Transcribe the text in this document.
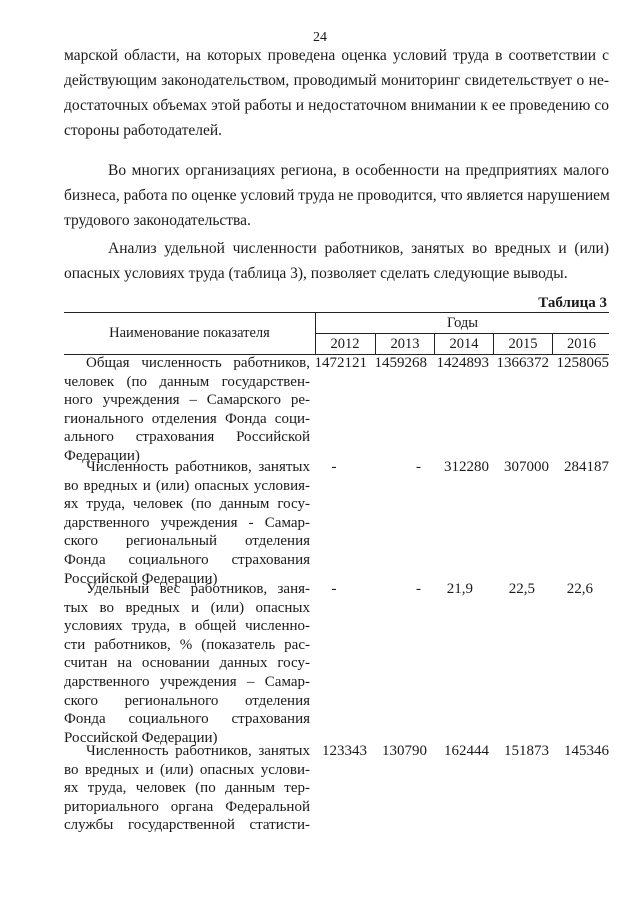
24
марской области, на которых проведена оценка условий труда в соответствии с
действующим законодательством, проводимый мониторинг свидетельствует о не-
достаточных объемах этой работы и недостаточном внимании к ее проведению со
стороны работодателей.
Во многих организациях региона, в особенности на предприятиях малого
бизнеса, работа по оценке условий труда не проводится, что является нарушением
трудового законодательства.
Анализ удельной численности работников, занятых во вредных и (или)
опасных условиях труда (таблица 3), позволяет сделать следующие выводы.
Таблица 3
Наименование показателя
Годы
2012	2013	2014	2015	2016
Общая численность работников,
человек (по данным государствен-
ного учреждения – Самарского ре-
гионального отделения Фонда соци-
ального страхования Российской
Федерации)
1472121 1459268 1424893 1366372 1258065
Численность работников, занятых
во вредных и (или) опасных условия-
ях труда, человек (по данным госу-
дарственного учреждения - Самар-
ского региональный отделения
Фонда социального страхования
Российской Федерации)
-	-	312280	307000	284187
Удельный вес работников, заня-
тых во вредных и (или) опасных
условиях труда, в общей численно-
сти работников, % (показатель рас-
считан на основании данных госу-
дарственного учреждения – Самар-
ского регионального отделения
Фонда социального страхования
Российской Федерации)
-	-	21,9	22,5	22,6
Численность работников, занятых
во вредных и (или) опасных услови-
ях труда, человек (по данным тер-
риториального органа Федеральной
службы государственной статисти-
123343	130790	162444	151873	145346
